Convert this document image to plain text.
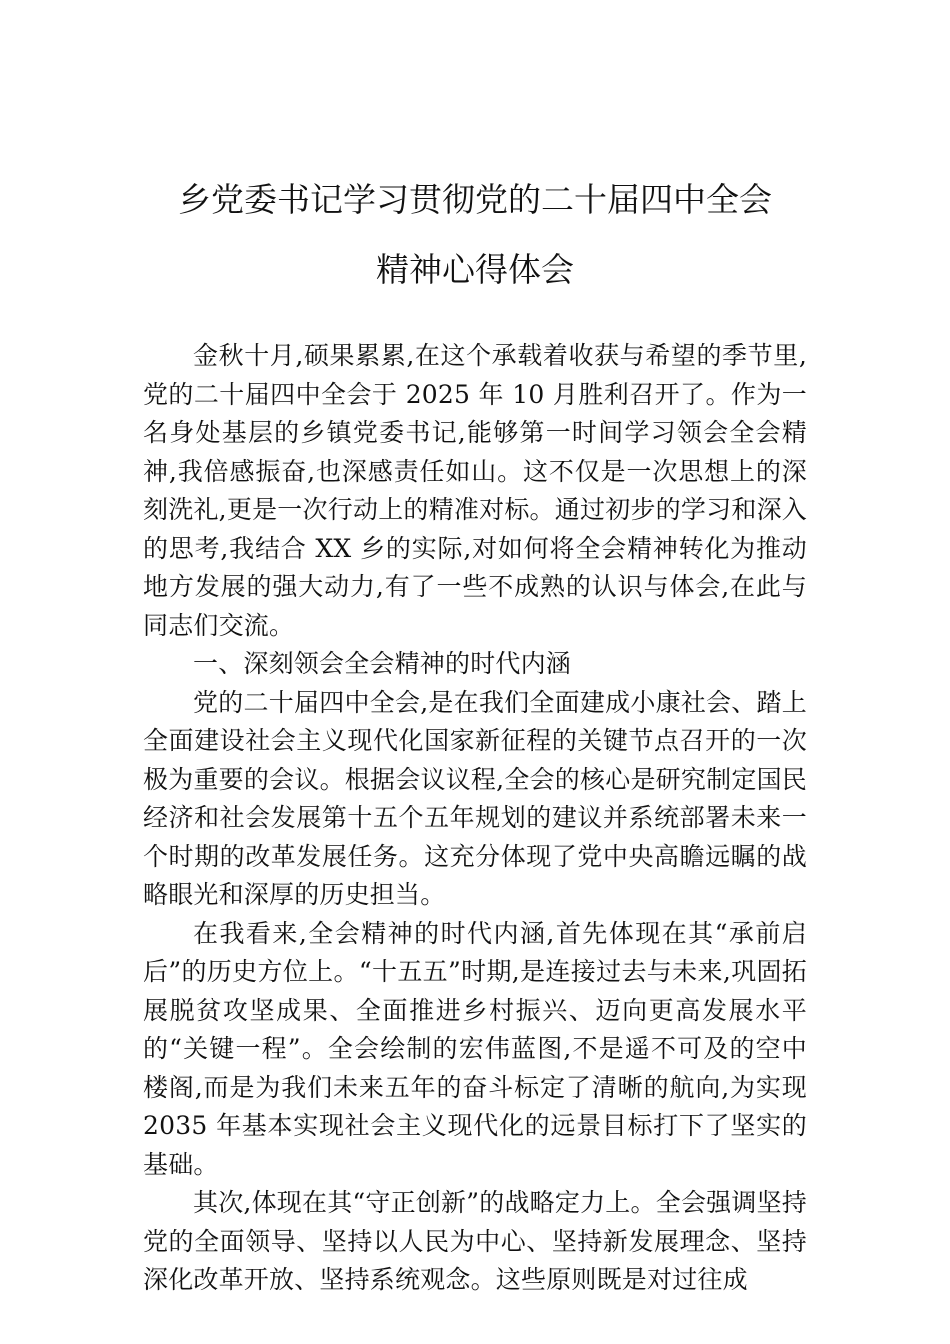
乡党委书记学习贯彻党的二十届四中全会
精神心得体会

金秋十月,硕果累累,在这个承载着收获与希望的季节里,党的二十届四中全会于 2025 年 10 月胜利召开了。作为一名身处基层的乡镇党委书记,能够第一时间学习领会全会精神,我倍感振奋,也深感责任如山。这不仅是一次思想上的深刻洗礼,更是一次行动上的精准对标。通过初步的学习和深入的思考,我结合 XX 乡的实际,对如何将全会精神转化为推动地方发展的强大动力,有了一些不成熟的认识与体会,在此与同志们交流。

一、深刻领会全会精神的时代内涵

党的二十届四中全会,是在我们全面建成小康社会、踏上全面建设社会主义现代化国家新征程的关键节点召开的一次极为重要的会议。根据会议议程,全会的核心是研究制定国民经济和社会发展第十五个五年规划的建议并系统部署未来一个时期的改革发展任务。这充分体现了党中央高瞻远瞩的战略眼光和深厚的历史担当。

在我看来,全会精神的时代内涵,首先体现在其“承前启后”的历史方位上。“十五五”时期,是连接过去与未来,巩固拓展脱贫攻坚成果、全面推进乡村振兴、迈向更高发展水平的“关键一程”。全会绘制的宏伟蓝图,不是遥不可及的空中楼阁,而是为我们未来五年的奋斗标定了清晰的航向,为实现 2035 年基本实现社会主义现代化的远景目标打下了坚实的基础。

其次,体现在其“守正创新”的战略定力上。全会强调坚持党的全面领导、坚持以人民为中心、坚持新发展理念、坚持深化改革开放、坚持系统观念。这些原则既是对过往成
